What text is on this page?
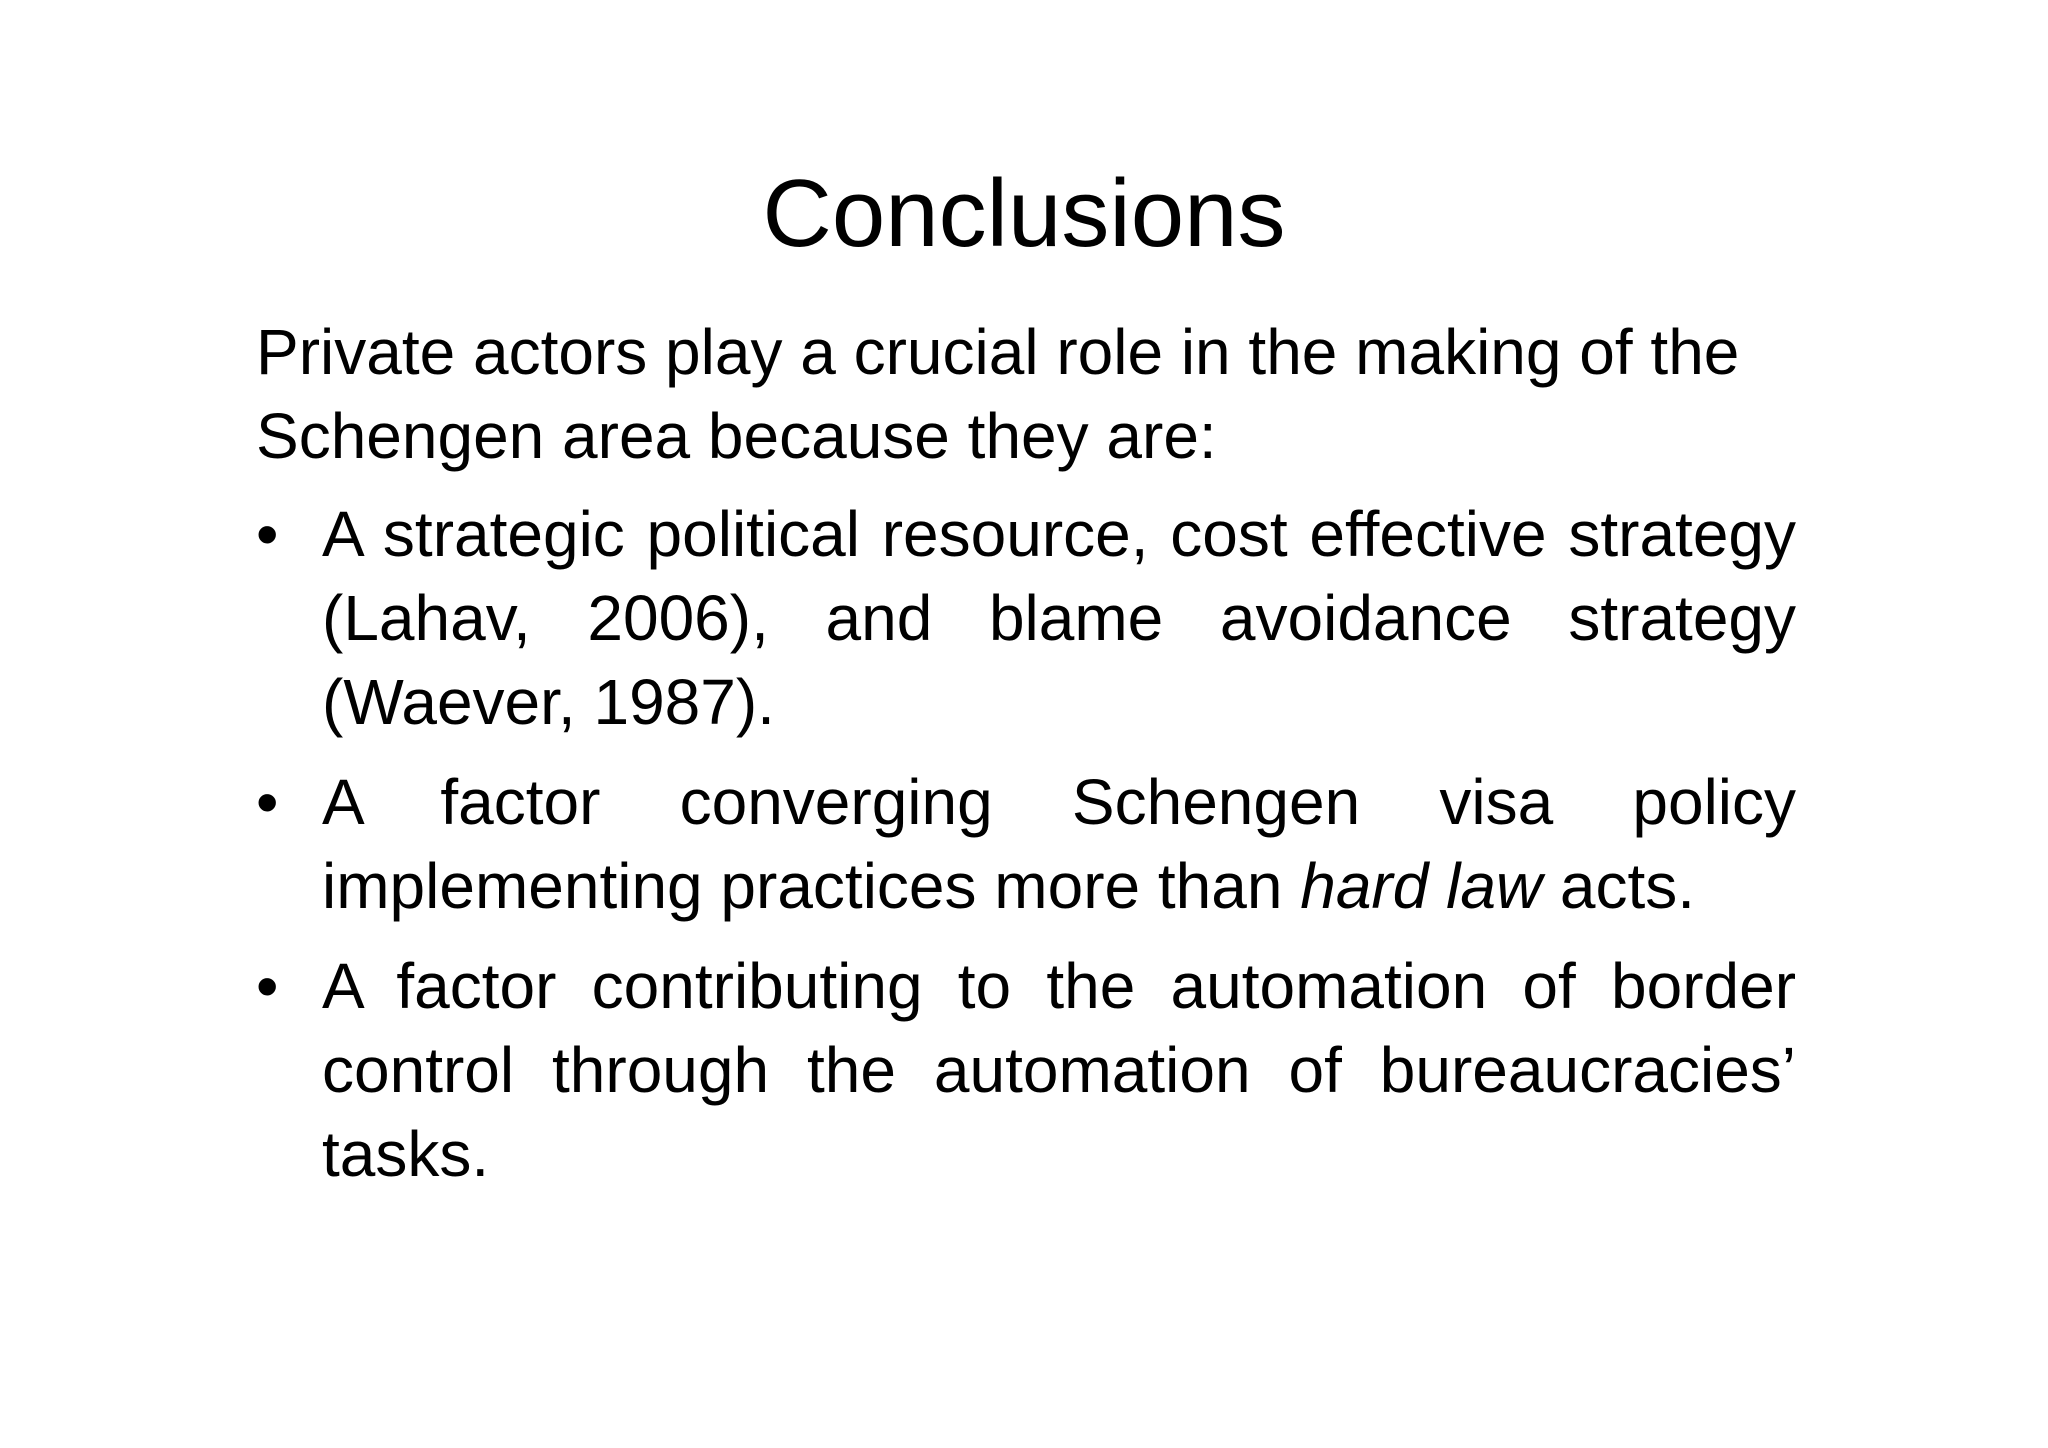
Conclusions

Private actors play a crucial role in the making of the Schengen area because they are:

• A strategic political resource, cost effective strategy (Lahav, 2006), and blame avoidance strategy (Waever, 1987).
• A factor converging Schengen visa policy implementing practices more than hard law acts.
• A factor contributing to the automation of border control through the automation of bureaucracies’ tasks.
